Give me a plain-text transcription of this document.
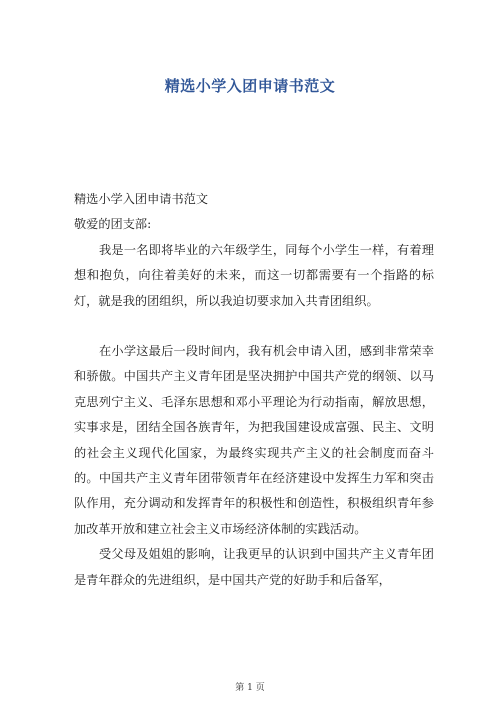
精选小学入团申请书范文

精选小学入团申请书范文

敬爱的团支部:

我是一名即将毕业的六年级学生，同每个小学生一样，有着理想和抱负，向往着美好的未来，而这一切都需要有一个指路的标灯，就是我的团组织，所以我迫切要求加入共青团组织。

在小学这最后一段时间内，我有机会申请入团，感到非常荣幸和骄傲。中国共产主义青年团是坚决拥护中国共产党的纲领、以马克思列宁主义、毛泽东思想和邓小平理论为行动指南，解放思想，实事求是，团结全国各族青年，为把我国建设成富强、民主、文明的社会主义现代化国家，为最终实现共产主义的社会制度而奋斗的。中国共产主义青年团带领青年在经济建设中发挥生力军和突击队作用，充分调动和发挥青年的积极性和创造性，积极组织青年参加改革开放和建立社会主义市场经济体制的实践活动。

受父母及姐姐的影响，让我更早的认识到中国共产主义青年团是青年群众的先进组织，是中国共产党的好助手和后备军，

第 1 页
